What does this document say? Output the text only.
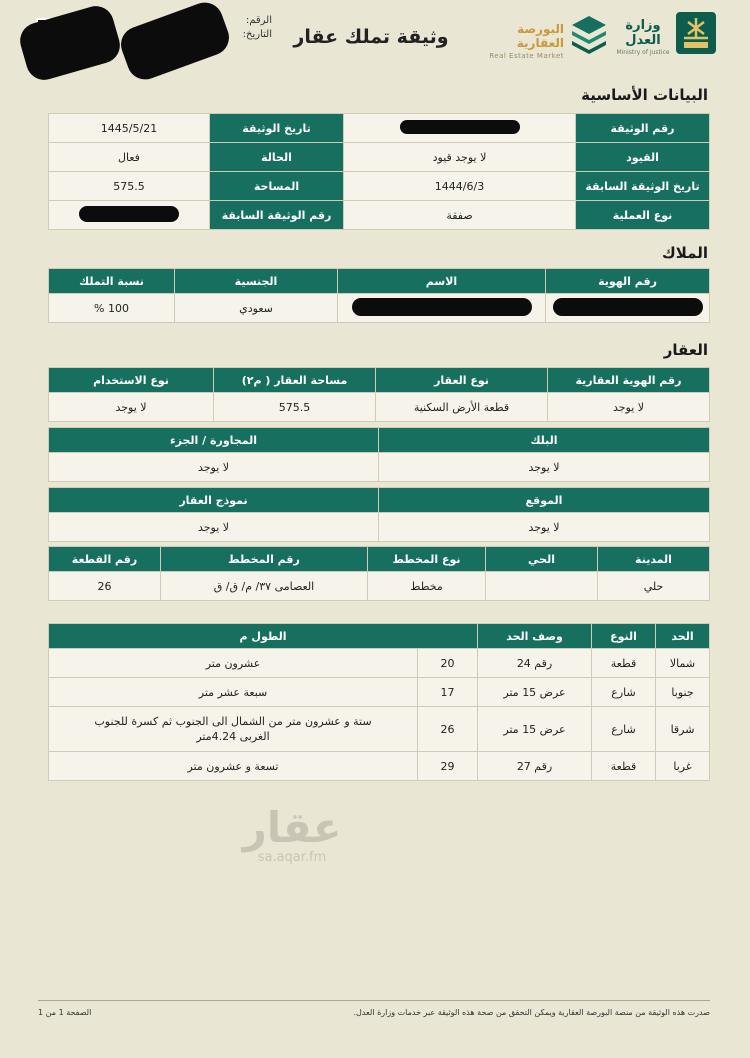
الرقم:
التاريخ:	وثيقة تملك عقار	البورصة العقارية
Real Estate Market
وزارة العدل
Ministry of Justice
البيانات الأساسية
رقم الوثيقة		تاريخ الوثيقة	1445/5/21
القيود	لا يوجد قيود	الحالة	فعال
تاريخ الوثيقة السابقة	1444/6/3	المساحة	575.5
نوع العملية	صفقة	رقم الوثيقة السابقة	
الملاك
رقم الهوية	الاسم	الجنسية	نسبة التملك
		سعودي	100 %
العقار
رقم الهوية العقارية	نوع العقار	مساحة العقار ( م٢)	نوع الاستخدام
لا يوجد	قطعة الأرض السكنية	575.5	لا يوجد
البلك	المجاورة / الجزء
لا يوجد	لا يوجد
الموقع	نموذج العقار
لا يوجد	لا يوجد
المدينة	الحي	نوع المخطط	رقم المخطط	رقم القطعة
حلي		مخطط	العصامى ٣٧/ م/ ق/ ق	26
الحد	النوع	وصف الحد	الطول م	
شمالا	قطعة	رقم 24	20	عشرون متر
جنوبا	شارع	عرض 15 متر	17	سبعة عشر متر
شرقا	شارع	عرض 15 متر	26	ستة و عشرون متر من الشمال الى الجنوب ثم كسرة للجنوب الغربى 4.24متر
غربا	قطعة	رقم 27	29	تسعة و عشرون متر
عقار
sa.aqar.fm
صدرت هذه الوثيقة من منصة البورصة العقارية ويمكن التحقق من صحة هذه الوثيقة عبر خدمات وزارة العدل.
الصفحة 1 من 1
